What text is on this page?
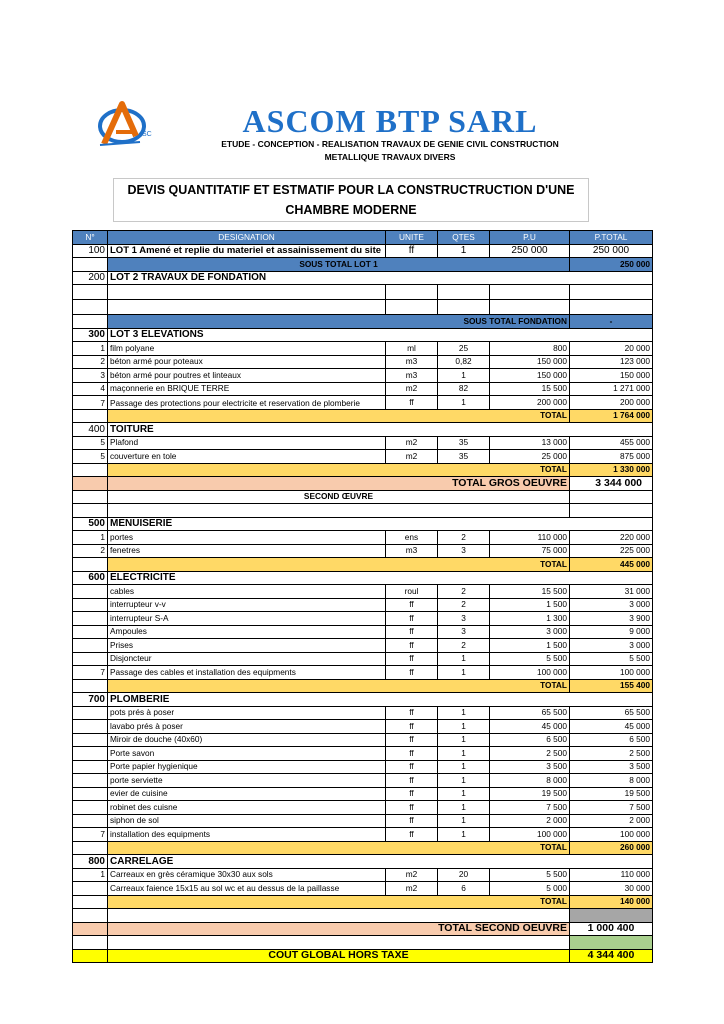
SC	ASCOM BTP SARL
ETUDE - CONCEPTION - REALISATION TRAVAUX DE GENIE CIVIL CONSTRUCTION
METALLIQUE TRAVAUX DIVERS
DEVIS QUANTITATIF ET ESTMATIF POUR LA CONSTRUCTRUCTION D'UNE
CHAMBRE MODERNE
N°	DESIGNATION	UNITE	QTES	P.U	P.TOTAL
100	LOT 1 Amené et replie du materiel et assainissement du site	ff	1	250 000	250 000
	SOUS TOTAL LOT 1				250 000
200	LOT 2 TRAVAUX DE FONDATION				

	SOUS TOTAL FONDATION				-
300	LOT 3 ELEVATIONS				
1	film polyane	ml	25	800	20 000
2	béton armé pour poteaux	m3	0,82	150 000	123 000
3	béton armé pour poutres et linteaux	m3	1	150 000	150 000
4	maçonnerie en BRIQUE TERRE	m2	82	15 500	1 271 000
7	Passage des protections pour electricite et reservation de plomberie	ff	1	200 000	200 000
	TOTAL				1 764 000
400	TOITURE				
5	Plafond	m2	35	13 000	455 000
5	couverture en tole	m2	35	25 000	875 000
	TOTAL				1 330 000
	TOTAL GROS OEUVRE				3 344 000
	SECOND ŒUVRE				

500	MENUISERIE				
1	portes	ens	2	110 000	220 000
2	fenetres	m3	3	75 000	225 000
	TOTAL				445 000
600	ELECTRICITE				
	cables	roul	2	15 500	31 000
	interrupteur v-v	ff	2	1 500	3 000
	interrupteur S-A	ff	3	1 300	3 900
	Ampoules	ff	3	3 000	9 000
	Prises	ff	2	1 500	3 000
	Disjoncteur	ff	1	5 500	5 500
7	Passage des cables et installation des equipments	ff	1	100 000	100 000
	TOTAL				155 400
700	PLOMBERIE				
	pots prés à poser	ff	1	65 500	65 500
	lavabo prés à poser	ff	1	45 000	45 000
	Miroir de douche (40x60)	ff	1	6 500	6 500
	Porte savon	ff	1	2 500	2 500
	Porte papier hygienique	ff	1	3 500	3 500
	porte serviette	ff	1	8 000	8 000
	evier de cuisine	ff	1	19 500	19 500
	robinet des cuisne	ff	1	7 500	7 500
	siphon de sol	ff	1	2 000	2 000
7	installation des equipments	ff	1	100 000	100 000
	TOTAL				260 000
800	CARRELAGE				
1	Carreaux en grès céramique 30x30 aux sols	m2	20	5 500	110 000
	Carreaux faience 15x15 au sol wc et au dessus de la paillasse	m2	6	5 000	30 000
	TOTAL				140 000

	TOTAL SECOND OEUVRE				1 000 400

	COUT GLOBAL HORS TAXE				4 344 400
